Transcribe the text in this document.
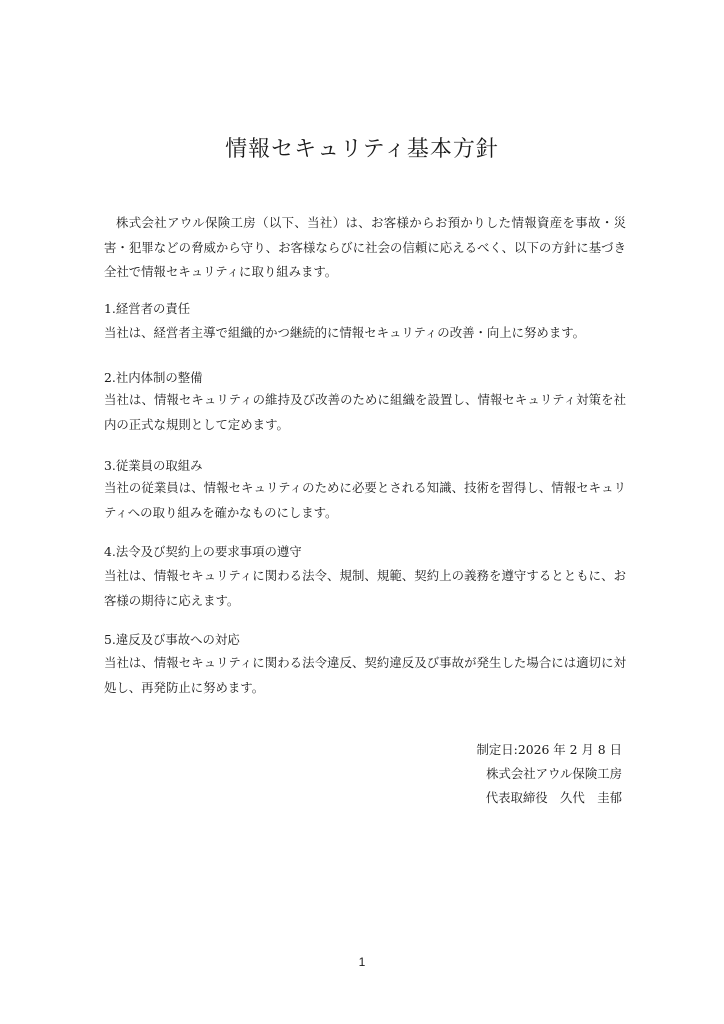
情報セキュリティ基本方針
株式会社アウル保険工房（以下、当社）は、お客様からお預かりした情報資産を事故・災害・犯罪などの脅威から守り、お客様ならびに社会の信頼に応えるべく、以下の方針に基づき全社で情報セキュリティに取り組みます。
1.経営者の責任
当社は、経営者主導で組織的かつ継続的に情報セキュリティの改善・向上に努めます。
2.社内体制の整備
当社は、情報セキュリティの維持及び改善のために組織を設置し、情報セキュリティ対策を社内の正式な規則として定めます。
3.従業員の取組み
当社の従業員は、情報セキュリティのために必要とされる知識、技術を習得し、情報セキュリティへの取り組みを確かなものにします。
4.法令及び契約上の要求事項の遵守
当社は、情報セキュリティに関わる法令、規制、規範、契約上の義務を遵守するとともに、お客様の期待に応えます。
5.違反及び事故への対応
当社は、情報セキュリティに関わる法令違反、契約違反及び事故が発生した場合には適切に対処し、再発防止に努めます。
制定日:2026 年 2 月 8 日
株式会社アウル保険工房
代表取締役　久代　圭郁
1
